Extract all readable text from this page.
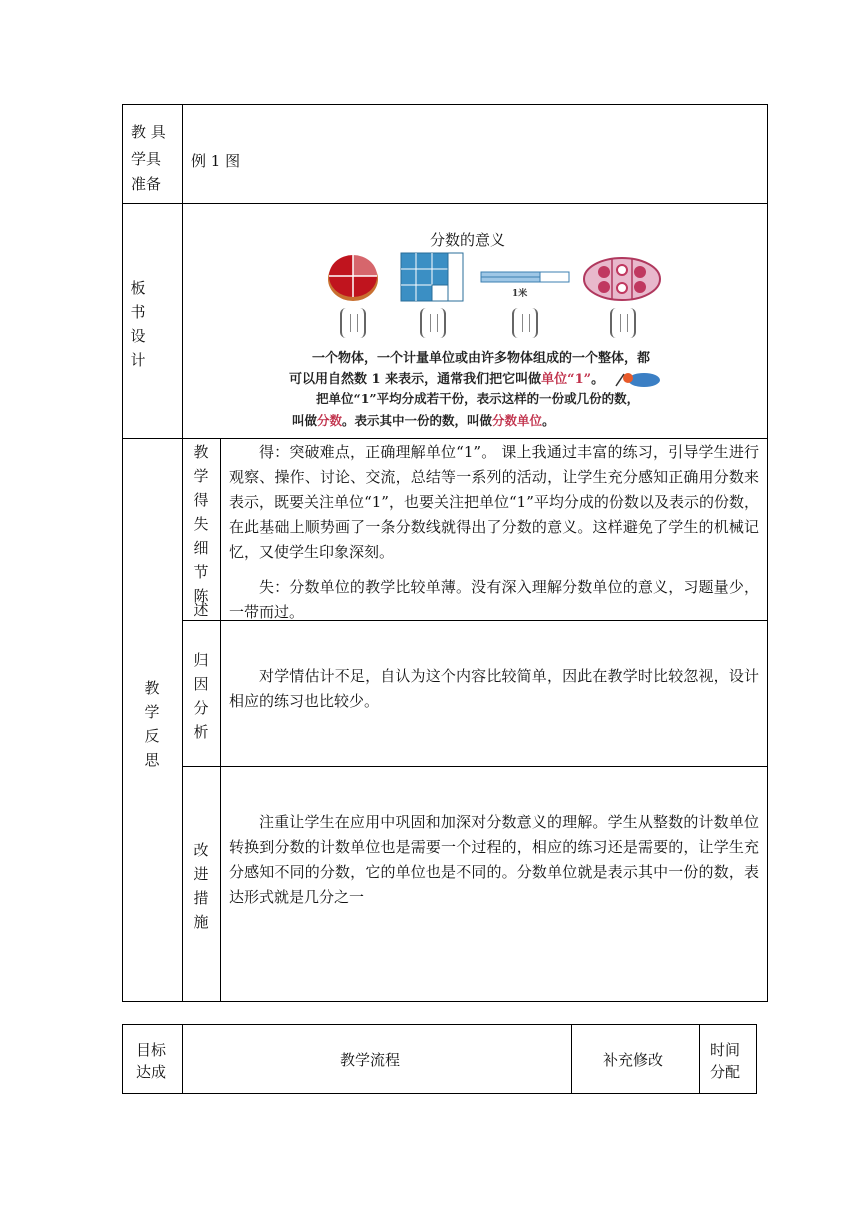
教 具
学具
准备
例 1 图
板
书
设
计
分数的意义
1米
一个物体，一个计量单位或由许多物体组成的一个整体，都
可以用自然数 1 来表示，通常我们把它叫做单位“1”。
把单位“1”平均分成若干份，表示这样的一份或几份的数，
叫做分数。表示其中一份的数，叫做分数单位。
教
学
反
思
教
学
得
失
细
节
陈
述
得：突破难点，正确理解单位“1”。 课上我通过丰富的练习，引导学生进行观察、操作、讨论、交流，总结等一系列的活动，让学生充分感知正确用分数来表示，既要关注单位“1”，也要关注把单位“1”平均分成的份数以及表示的份数，在此基础上顺势画了一条分数线就得出了分数的意义。这样避免了学生的机械记忆，又使学生印象深刻。
失：分数单位的教学比较单薄。没有深入理解分数单位的意义，习题量少，一带而过。
归
因
分
析
对学情估计不足，自认为这个内容比较简单，因此在教学时比较忽视，设计相应的练习也比较少。
改
进
措
施
注重让学生在应用中巩固和加深对分数意义的理解。学生从整数的计数单位转换到分数的计数单位也是需要一个过程的，相应的练习还是需要的，让学生充分感知不同的分数，它的单位也是不同的。分数单位就是表示其中一份的数，表达形式就是几分之一
目标
达成
教学流程	补充修改
时间
分配
